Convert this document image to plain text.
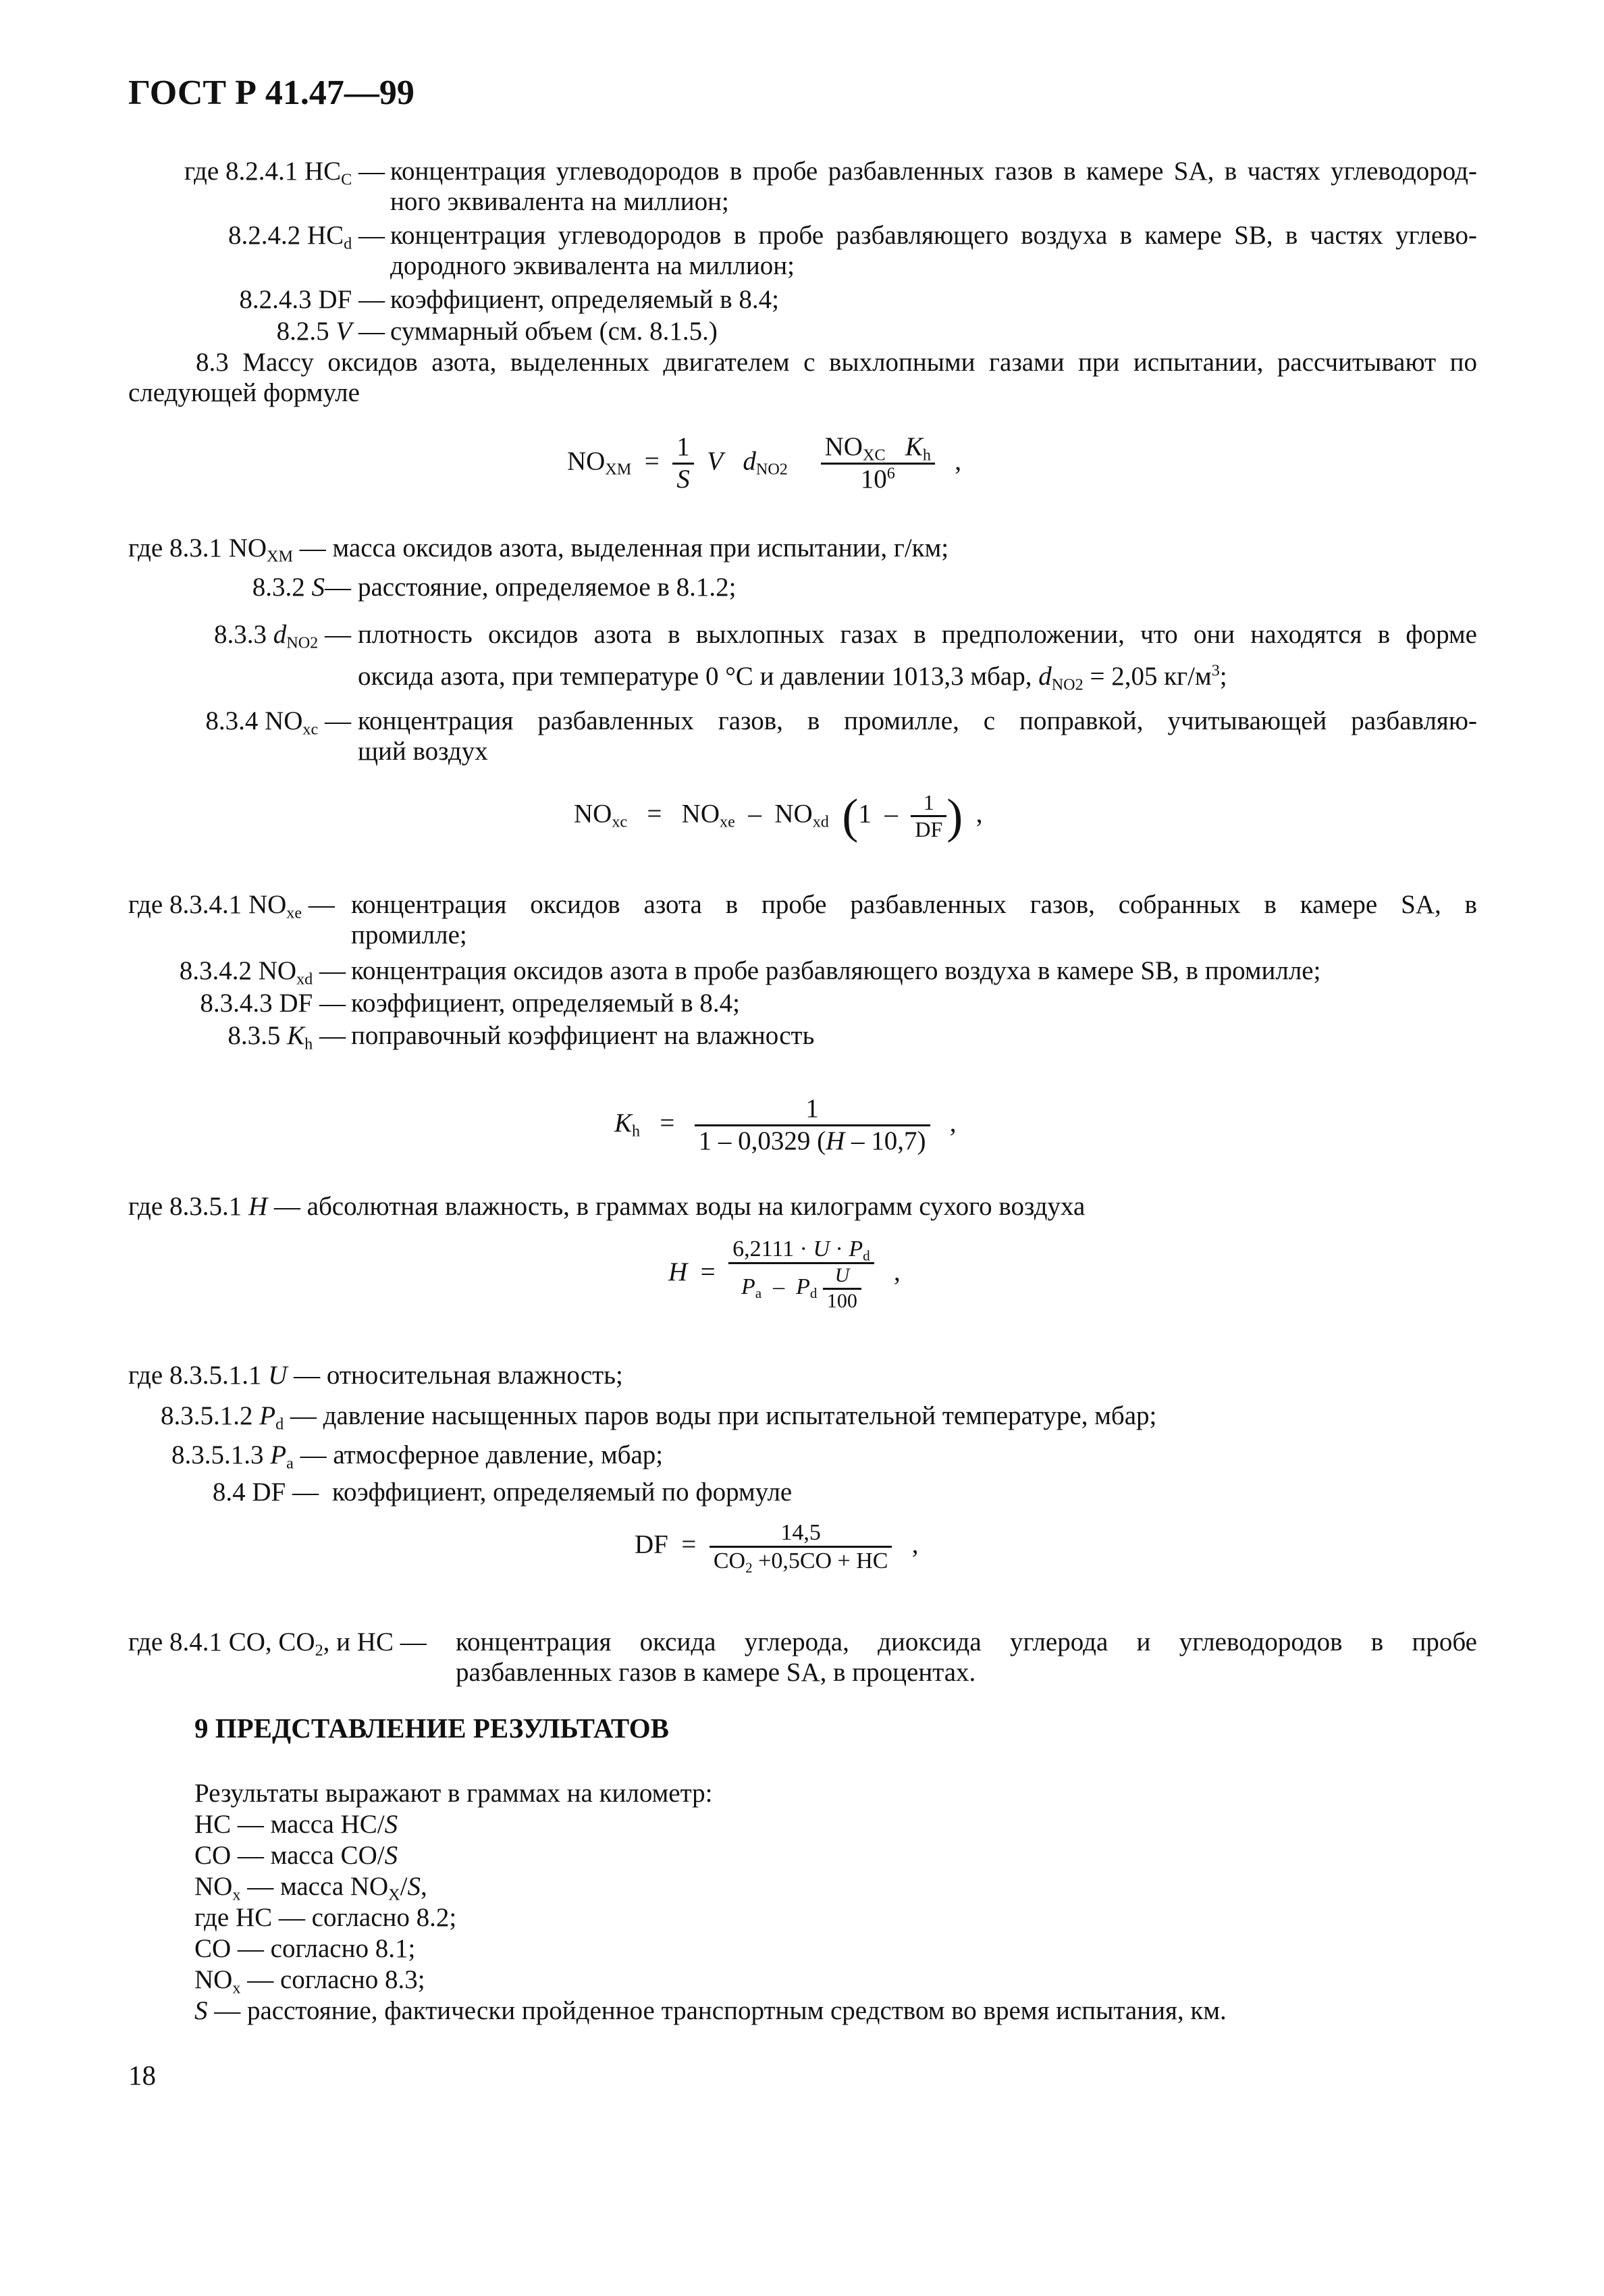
ГОСТ Р 41.47—99
где 8.2.4.1 $HC_C$ — концентрация углеводородов в пробе разбавленных газов в камере SA, в частях углеводород-
ного эквивалента на миллион;
8.2.4.2 $HC_d$ — концентрация углеводородов в пробе разбавляющего воздуха в камере SB, в частях углево-
дородного эквивалента на миллион;
8.2.4.3 DF — коэффициент, определяемый в 8.4;
8.2.5 V — суммарный объем (см. 8.1.5.)
8.3 Массу оксидов азота, выделенных двигателем с выхлопными газами при испытании, рассчитывают по
следующей формуле
$NO_{XM} = \frac{1}{S}$ V $d_{NO2} \frac{NO_{XC} K_h}{10^6}$ ,
где 8.3.1 $NO_{XM}$ — масса оксидов азота, выделенная при испытании, г/км;
8.3.2 S— расстояние, определяемое в 8.1.2;
8.3.3 $d_{NO2}$ — плотность оксидов азота в выхлопных газах в предположении, что они находятся в форме
оксида азота, при температуре 0 °C и давлении 1013,3 мбар, $d_{NO2} = 2,05$ $кг/м^3$;
8.3.4 $NO_{xc}$ — концентрация разбавленных газов, в промилле, с поправкой, учитывающей разбавляю-
щий воздух
$NO_{xc} = NO_{xe} - NO_{xd}$ ($1 - \frac{1}{DF}$ ) ,
где 8.3.4.1 $NO_{xe}$ — концентрация оксидов азота в пробе разбавленных газов, собранных в камере SA, в
промилле;
8.3.4.2 $NO_{xd}$ — концентрация оксидов азота в пробе разбавляющего воздуха в камере SB, в промилле;
8.3.4.3 DF — коэффициент, определяемый в 8.4;
8.3.5 $K_h$ — поправочный коэффициент на влажность
$K_h = \frac{1}{1 - 0,0329 (H - 10,7)}$ ,
где 8.3.5.1 H — абсолютная влажность, в граммах воды на килограмм сухого воздуха
$H = \frac{6,2111 \cdot U \cdot P_d}{P_a - P_d \frac{U}{100}}$ ,
где 8.3.5.1.1 U — относительная влажность;
8.3.5.1.2 $P_d$ — давление насыщенных паров воды при испытательной температуре, мбар;
8.3.5.1.3 $P_a$ — атмосферное давление, мбар;
8.4 DF — коэффициент, определяемый по формуле
DF = $\frac{14,5}{CO_2 +0,5CO + HC}$ ,
где 8.4.1 CO, $CO_2$, и HC — концентрация оксида углерода, диоксида углерода и углеводородов в пробе
разбавленных газов в камере SA, в процентах.
9 ПРЕДСТАВЛЕНИЕ РЕЗУЛЬТАТОВ
Результаты выражают в граммах на километр:
HC — масса HC/S
CO — масса CO/S
$NO_x$ — масса $NO_X/S$,
где HC — согласно 8.2;
CO — согласно 8.1;
$NO_x$ — согласно 8.3;
S — расстояние, фактически пройденное транспортным средством во время испытания, км.
18
